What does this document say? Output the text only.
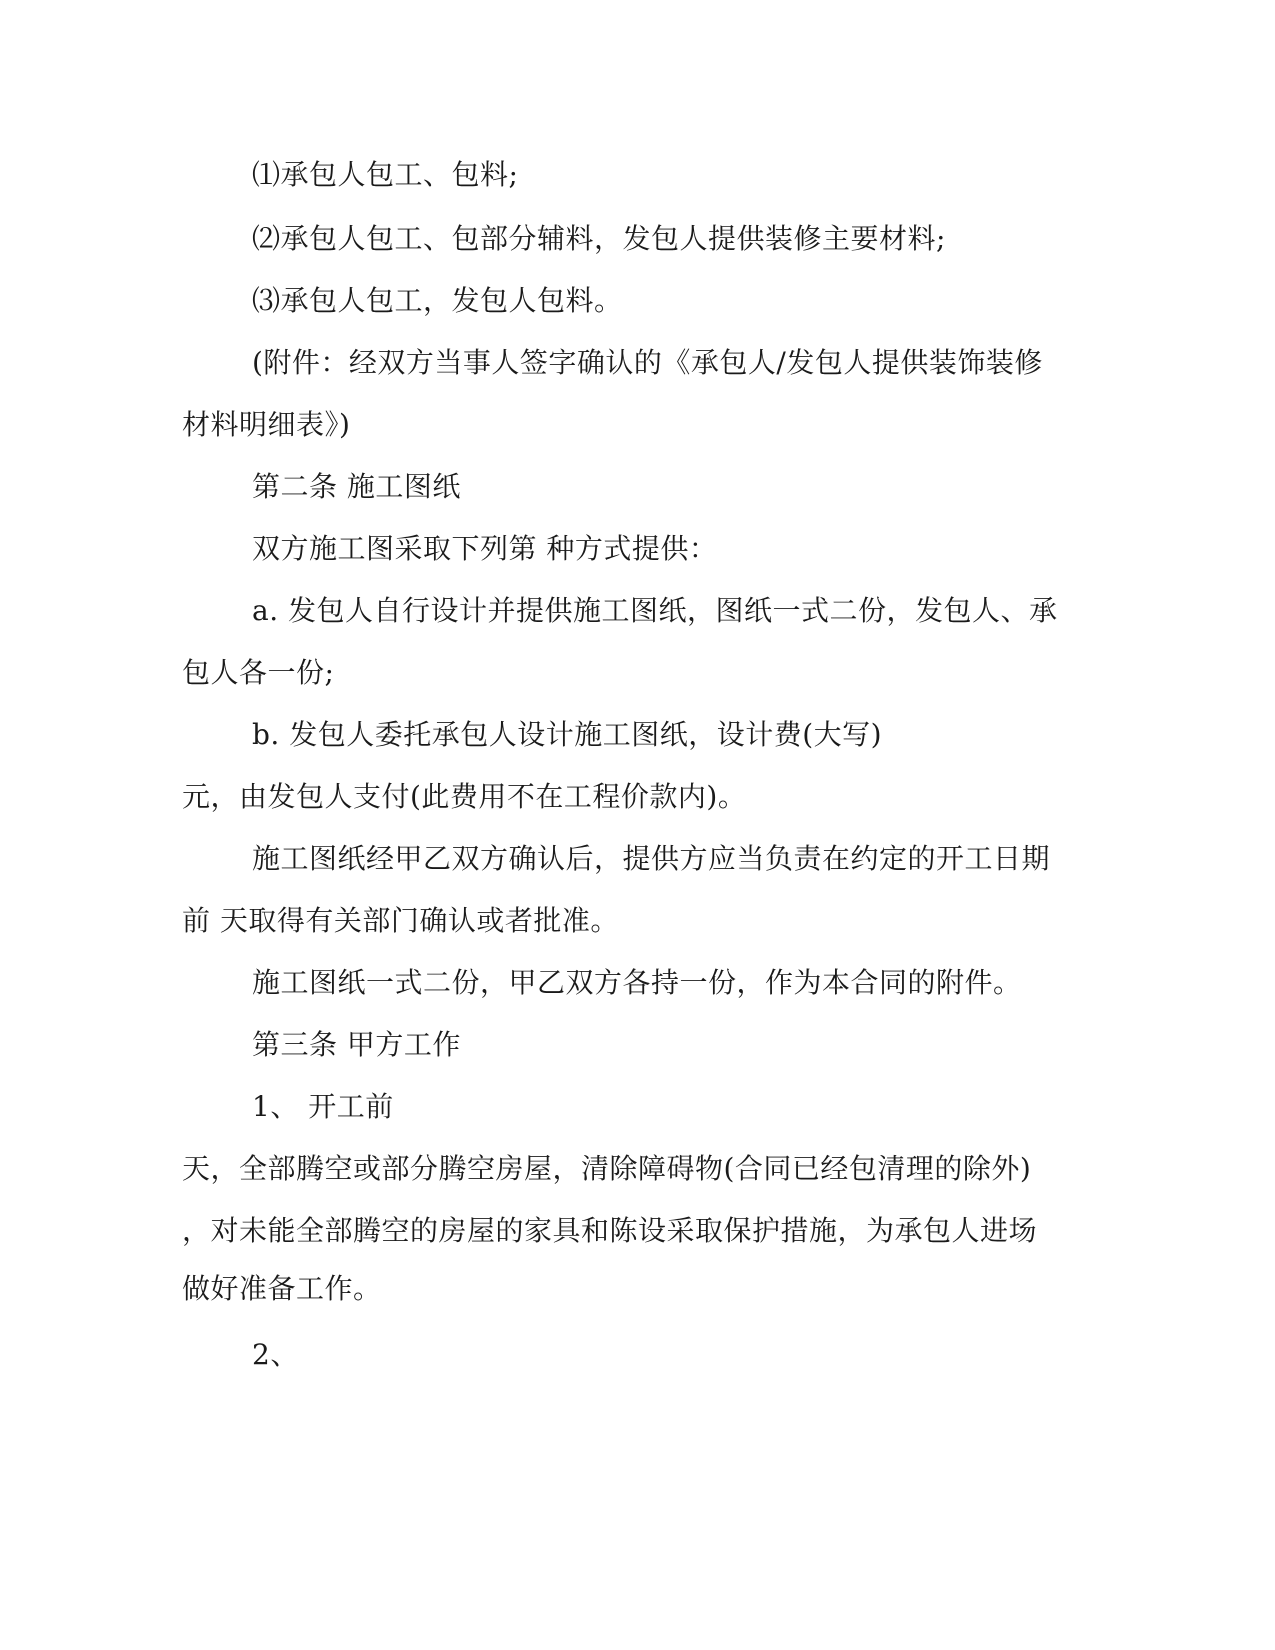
⑴承包人包工、包料;
⑵承包人包工、包部分辅料，发包人提供装修主要材料;
⑶承包人包工，发包人包料。
(附件：经双方当事人签字确认的《承包人/发包人提供装饰装修
材料明细表》)
第二条 施工图纸
双方施工图采取下列第 种方式提供：
a. 发包人自行设计并提供施工图纸，图纸一式二份，发包人、承
包人各一份;
b. 发包人委托承包人设计施工图纸，设计费(大写)
元，由发包人支付(此费用不在工程价款内)。
施工图纸经甲乙双方确认后，提供方应当负责在约定的开工日期
前 天取得有关部门确认或者批准。
施工图纸一式二份，甲乙双方各持一份，作为本合同的附件。
第三条 甲方工作
1、 开工前
天，全部腾空或部分腾空房屋，清除障碍物(合同已经包清理的除外)
，对未能全部腾空的房屋的家具和陈设采取保护措施，为承包人进场
做好准备工作。
2、
